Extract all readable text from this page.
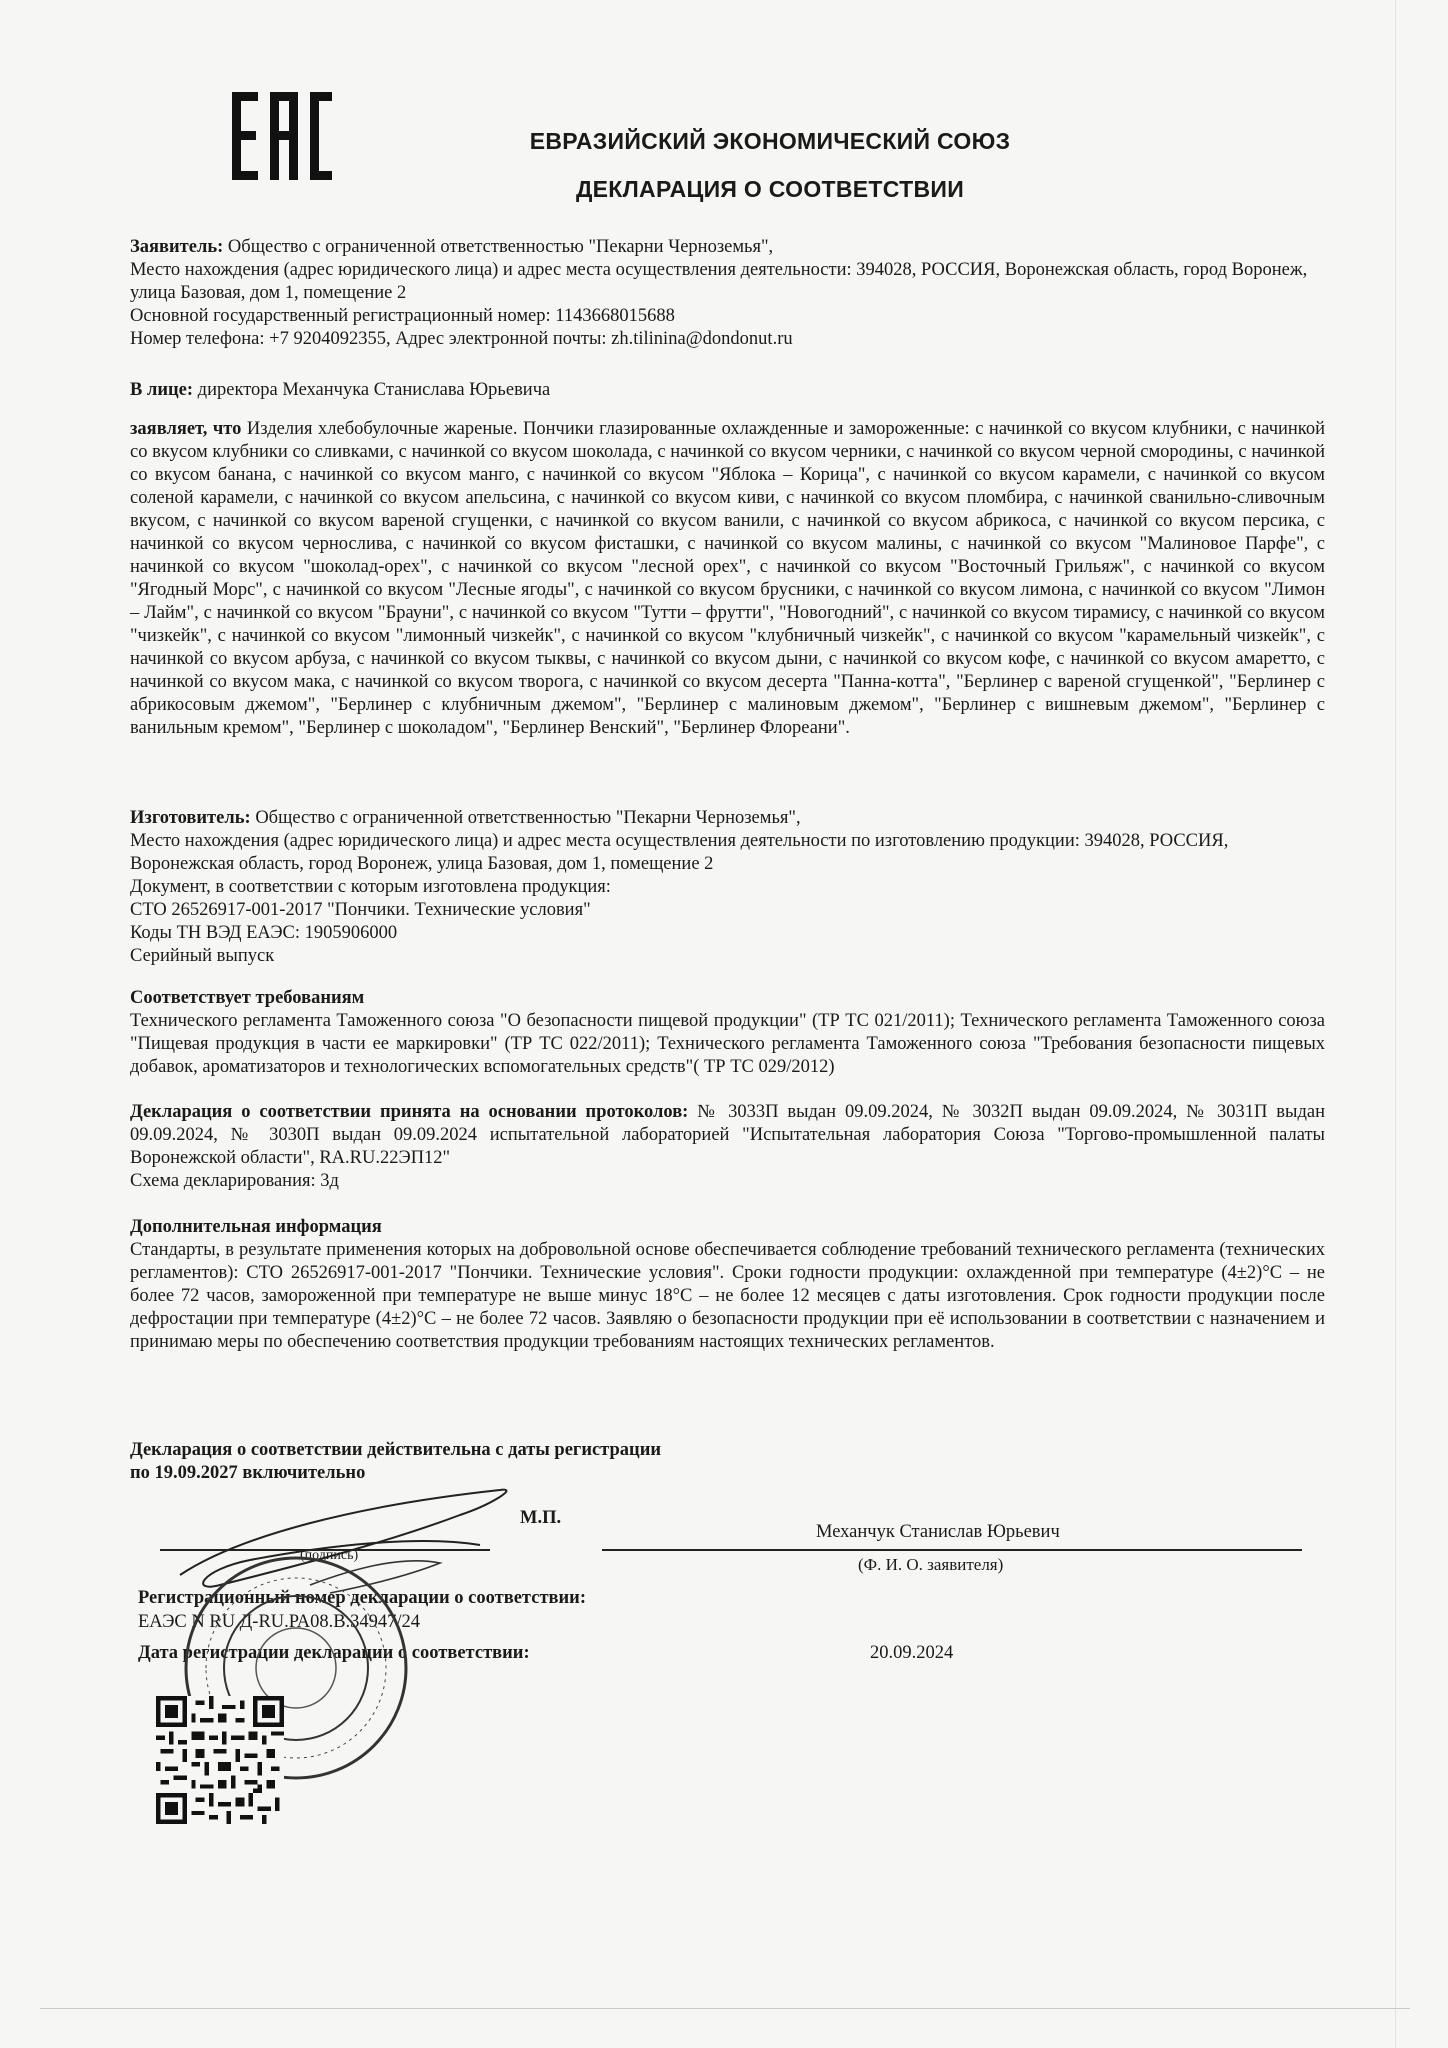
ЕВРАЗИЙСКИЙ ЭКОНОМИЧЕСКИЙ СОЮЗ
ДЕКЛАРАЦИЯ О СООТВЕТСТВИИ

Заявитель: Общество с ограниченной ответственностью "Пекарни Черноземья",

Место нахождения (адрес юридического лица) и адрес места осуществления деятельности: 394028, РОССИЯ, Воронежская область, город Воронеж, улица Базовая, дом 1, помещение 2

Основной государственный регистрационный номер: 1143668015688

Номер телефона: +7 9204092355, Адрес электронной почты: zh.tilinina@dondonut.ru

В лице: директора Механчука Станислава Юрьевича

заявляет, что Изделия хлебобулочные жареные. Пончики глазированные охлажденные и замороженные: с начинкой со вкусом клубники, с начинкой со вкусом клубники со сливками, с начинкой со вкусом шоколада, с начинкой со вкусом черники, с начинкой со вкусом черной смородины, с начинкой со вкусом банана, с начинкой со вкусом манго, с начинкой со вкусом "Яблока – Корица", с начинкой со вкусом карамели, с начинкой со вкусом соленой карамели, с начинкой со вкусом апельсина, с начинкой со вкусом киви, с начинкой со вкусом пломбира, с начинкой сванильно-сливочным вкусом, с начинкой со вкусом вареной сгущенки, с начинкой со вкусом ванили, с начинкой со вкусом абрикоса, с начинкой со вкусом персика, с начинкой со вкусом чернослива, с начинкой со вкусом фисташки, с начинкой со вкусом малины, с начинкой со вкусом "Малиновое Парфе", с начинкой со вкусом "шоколад-орех", с начинкой со вкусом "лесной орех", с начинкой со вкусом "Восточный Грильяж", с начинкой со вкусом "Ягодный Морс", с начинкой со вкусом "Лесные ягоды", с начинкой со вкусом брусники, с начинкой со вкусом лимона, с начинкой со вкусом "Лимон – Лайм", с начинкой со вкусом "Брауни", с начинкой со вкусом "Тутти – фрутти", "Новогодний", с начинкой со вкусом тирамису, с начинкой со вкусом "чизкейк", с начинкой со вкусом "лимонный чизкейк", с начинкой со вкусом "клубничный чизкейк", с начинкой со вкусом "карамельный чизкейк", с начинкой со вкусом арбуза, с начинкой со вкусом тыквы, с начинкой со вкусом дыни, с начинкой со вкусом кофе, с начинкой со вкусом амаретто, с начинкой со вкусом мака, с начинкой со вкусом творога, с начинкой со вкусом десерта "Панна-котта", "Берлинер с вареной сгущенкой", "Берлинер с абрикосовым джемом", "Берлинер с клубничным джемом", "Берлинер с малиновым джемом", "Берлинер с вишневым джемом", "Берлинер с ванильным кремом", "Берлинер с шоколадом", "Берлинер Венский", "Берлинер Флореани".

Изготовитель: Общество с ограниченной ответственностью "Пекарни Черноземья",

Место нахождения (адрес юридического лица) и адрес места осуществления деятельности по изготовлению продукции: 394028, РОССИЯ, Воронежская область, город Воронеж, улица Базовая, дом 1, помещение 2

Документ, в соответствии с которым изготовлена продукция:

СТО 26526917-001-2017 "Пончики. Технические условия"

Коды ТН ВЭД ЕАЭС: 1905906000

Серийный выпуск

Соответствует требованиям

Технического регламента Таможенного союза "О безопасности пищевой продукции" (ТР ТС 021/2011); Технического регламента Таможенного союза "Пищевая продукция в части ее маркировки" (ТР ТС 022/2011); Технического регламента Таможенного союза "Требования безопасности пищевых добавок, ароматизаторов и технологических вспомогательных средств"( ТР ТС 029/2012)

Декларация о соответствии принята на основании протоколов: № 3033П выдан 09.09.2024, № 3032П выдан 09.09.2024, № 3031П выдан 09.09.2024, № 3030П выдан 09.09.2024 испытательной лабораторией "Испытательная лаборатория Союза "Торгово-промышленной палаты Воронежской области", RA.RU.22ЭП12"

Схема декларирования: 3д

Дополнительная информация

Стандарты, в результате применения которых на добровольной основе обеспечивается соблюдение требований технического регламента (технических регламентов): СТО 26526917-001-2017 "Пончики. Технические условия". Сроки годности продукции: охлажденной при температуре (4±2)°С – не более 72 часов, замороженной при температуре не выше минус 18°С – не более 12 месяцев с даты изготовления. Срок годности продукции после дефростации при температуре (4±2)°С – не более 72 часов. Заявляю о безопасности продукции при её использовании в соответствии с назначением и принимаю меры по обеспечению соответствия продукции требованиям настоящих технических регламентов.

Декларация о соответствии действительна с даты регистрации

по 19.09.2027 включительно

М.П.
(подпись)
Механчук Станислав Юрьевич
(Ф. И. О. заявителя)
Регистрационный номер декларации о соответствии:
ЕАЭС N RU Д-RU.РА08.В.34947/24
Дата регистрации декларации о соответствии:	20.09.2024
